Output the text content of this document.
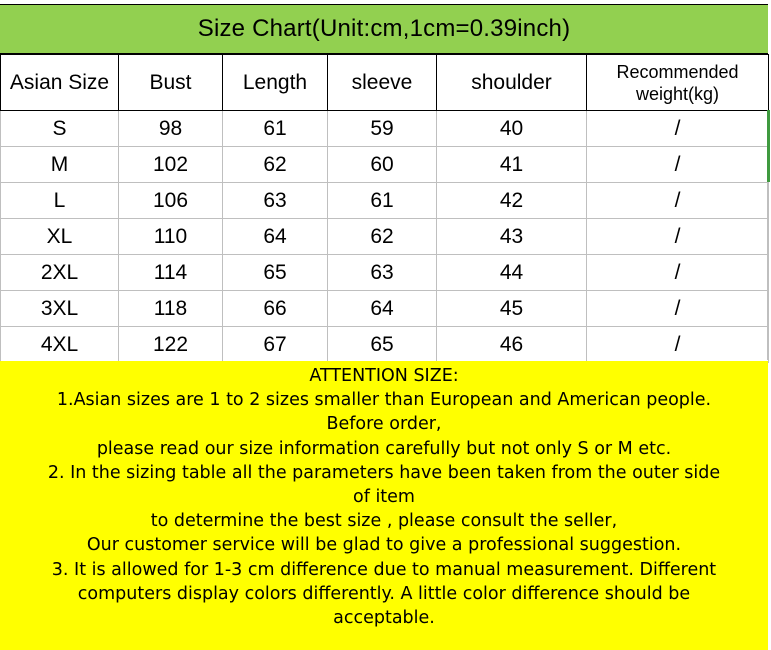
Size Chart(Unit:cm,1cm=0.39inch)
Asian Size	Bust	Length	sleeve	shoulder	Recommended
weight(kg)
S	98	61	59	40	/
M	102	62	60	41	/
L	106	63	61	42	/
XL	110	64	62	43	/
2XL	114	65	63	44	/
3XL	118	66	64	45	/
4XL	122	67	65	46	/
ATTENTION SIZE:
1.Asian sizes are 1 to 2 sizes smaller than European and American people.
Before order,
please read our size information carefully but not only S or M etc.
2. In the sizing table all the parameters have been taken from the outer side
of item
to determine the best size , please consult the seller,
Our customer service will be glad to give a professional suggestion.
3. It is allowed for 1-3 cm difference due to manual measurement. Different
computers display colors differently. A little color difference should be
acceptable.
